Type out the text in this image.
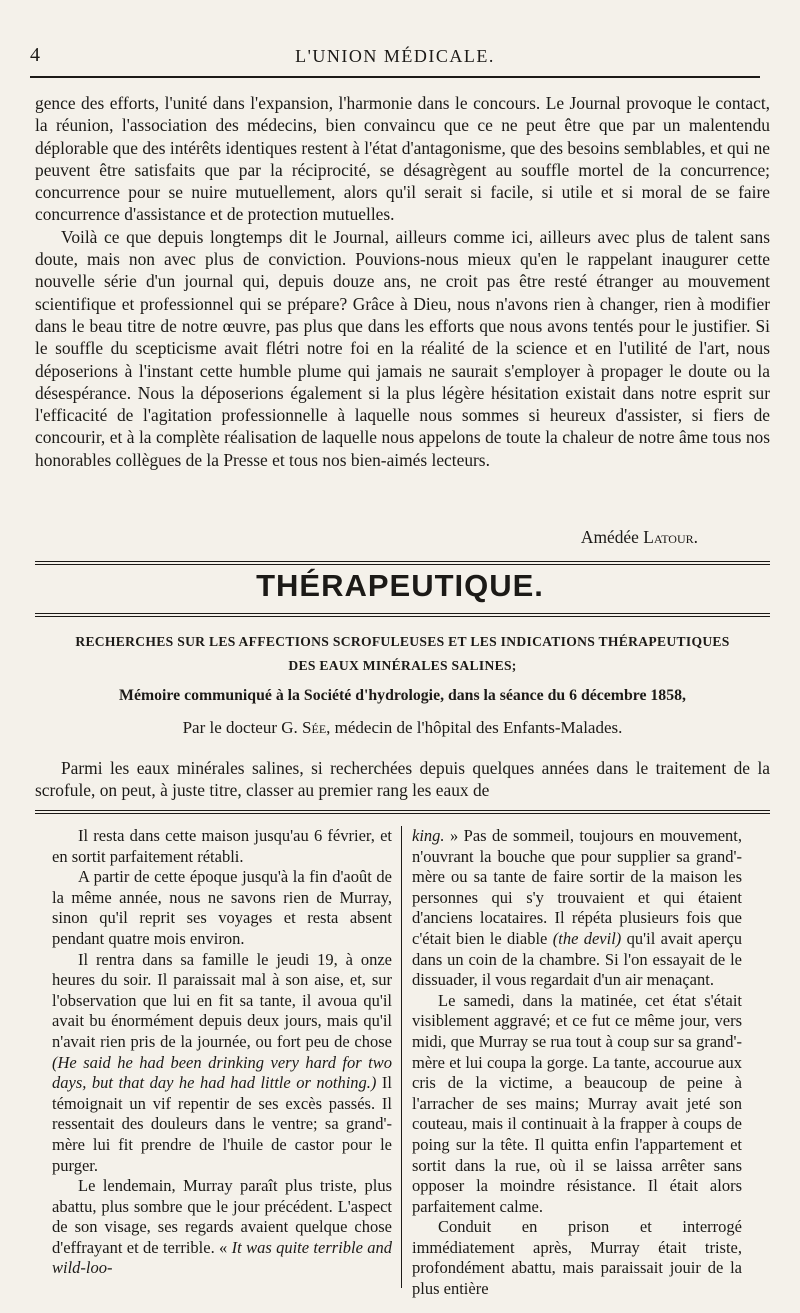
4	L'UNION MÉDICALE.

gence des efforts, l'unité dans l'expansion, l'harmonie dans le concours. Le Journal provoque le contact, la réunion, l'association des médecins, bien convaincu que ce ne peut être que par un malentendu déplorable que des intérêts identiques restent à l'état d'antagonisme, que des besoins semblables, et qui ne peuvent être satisfaits que par la réciprocité, se désagrègent au souffle mortel de la concurrence; concurrence pour se nuire mutuellement, alors qu'il serait si facile, si utile et si moral de se faire concurrence d'assistance et de protection mutuelles.

Voilà ce que depuis longtemps dit le Journal, ailleurs comme ici, ailleurs avec plus de talent sans doute, mais non avec plus de conviction. Pouvions-nous mieux qu'en le rappelant inaugurer cette nouvelle série d'un journal qui, depuis douze ans, ne croit pas être resté étranger au mouvement scientifique et professionnel qui se prépare? Grâce à Dieu, nous n'avons rien à changer, rien à modifier dans le beau titre de notre œuvre, pas plus que dans les efforts que nous avons tentés pour le justifier. Si le souffle du scepticisme avait flétri notre foi en la réalité de la science et en l'utilité de l'art, nous déposerions à l'instant cette humble plume qui jamais ne saurait s'employer à propager le doute ou la désespérance. Nous la déposerions également si la plus légère hésitation existait dans notre esprit sur l'efficacité de l'agitation professionnelle à laquelle nous sommes si heureux d'assister, si fiers de concourir, et à la complète réalisation de laquelle nous appelons de toute la chaleur de notre âme tous nos honorables collègues de la Presse et tous nos bien-aimés lecteurs.

Amédée Latour.
THÉRAPEUTIQUE.
RECHERCHES SUR LES AFFECTIONS SCROFULEUSES ET LES INDICATIONS THÉRAPEUTIQUES
DES EAUX MINÉRALES SALINES;
Mémoire communiqué à la Société d'hydrologie, dans la séance du 6 décembre 1858,
Par le docteur G. Sée, médecin de l'hôpital des Enfants-Malades.
Parmi les eaux minérales salines, si recherchées depuis quelques années dans le traitement de la scrofule, on peut, à juste titre, classer au premier rang les eaux de

Il resta dans cette maison jusqu'au 6 février, et en sortit parfaitement rétabli.

A partir de cette époque jusqu'à la fin d'août de la même année, nous ne savons rien de Murray, sinon qu'il reprit ses voyages et resta absent pendant quatre mois environ.

Il rentra dans sa famille le jeudi 19, à onze heures du soir. Il paraissait mal à son aise, et, sur l'observation que lui en fit sa tante, il avoua qu'il avait bu énormément depuis deux jours, mais qu'il n'avait rien pris de la journée, ou fort peu de chose (He said he had been drinking very hard for two days, but that day he had had little or nothing.) Il témoignait un vif repentir de ses excès passés. Il ressentait des douleurs dans le ventre; sa grand'-mère lui fit prendre de l'huile de castor pour le purger.

Le lendemain, Murray paraît plus triste, plus abattu, plus sombre que le jour précédent. L'aspect de son visage, ses regards avaient quelque chose d'effrayant et de terrible. « It was quite terrible and wild-loo-

king. » Pas de sommeil, toujours en mouvement, n'ouvrant la bouche que pour supplier sa grand'-mère ou sa tante de faire sortir de la maison les personnes qui s'y trouvaient et qui étaient d'anciens locataires. Il répéta plusieurs fois que c'était bien le diable (the devil) qu'il avait aperçu dans un coin de la chambre. Si l'on essayait de le dissuader, il vous regardait d'un air menaçant.

Le samedi, dans la matinée, cet état s'était visiblement aggravé; et ce fut ce même jour, vers midi, que Murray se rua tout à coup sur sa grand'-mère et lui coupa la gorge. La tante, accourue aux cris de la victime, a beaucoup de peine à l'arracher de ses mains; Murray avait jeté son couteau, mais il continuait à la frapper à coups de poing sur la tête. Il quitta enfin l'appartement et sortit dans la rue, où il se laissa arrêter sans opposer la moindre résistance. Il était alors parfaitement calme.

Conduit en prison et interrogé immédiatement après, Murray était triste, profondément abattu, mais paraissait jouir de la plus entière
